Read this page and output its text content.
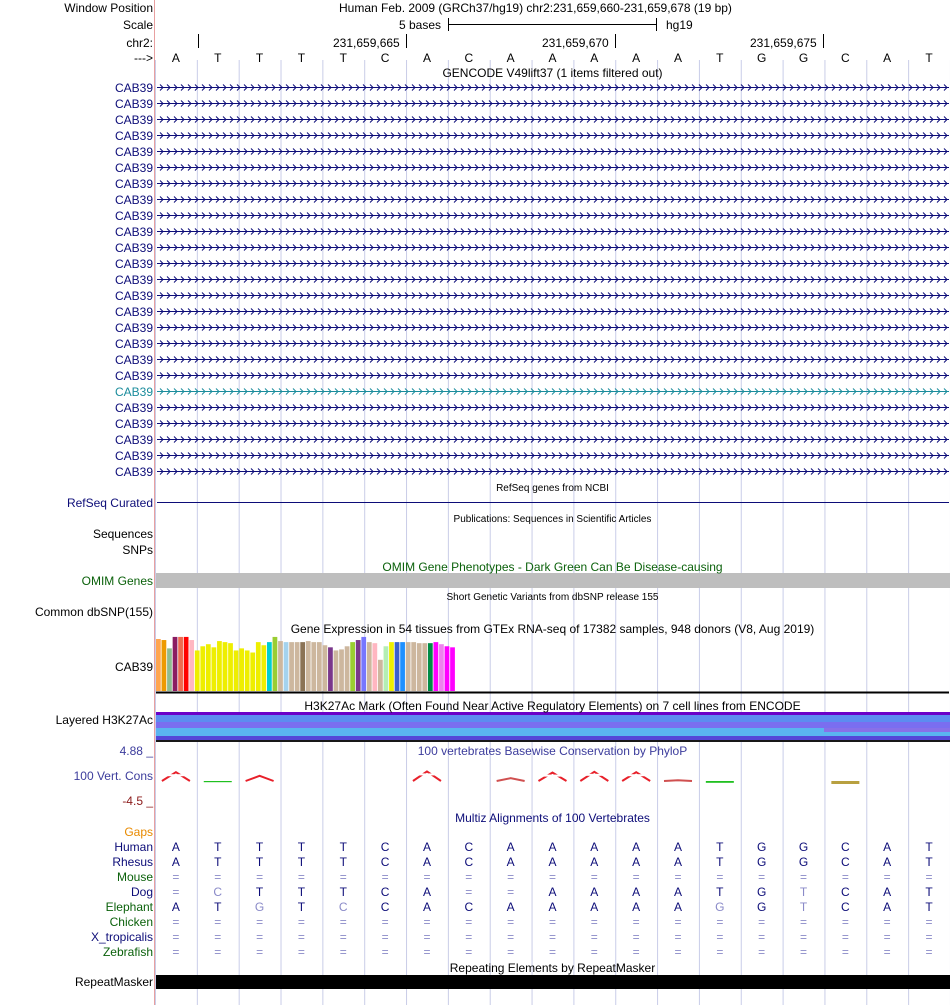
Window Position	Human Feb. 2009 (GRCh37/hg19) chr2:231,659,660-231,659,678 (19 bp)
Scale	5 bases	hg19
chr2:	231,659,665	231,659,670	231,659,675
--->	A	T	T	T	T	C	A	C	A	A	A	A	A	T	G	G	C	A	T
GENCODE V49lift37 (1 items filtered out)
CAB39
CAB39
CAB39
CAB39
CAB39
CAB39
CAB39
CAB39
CAB39
CAB39
CAB39
CAB39
CAB39
CAB39
CAB39
CAB39
CAB39
CAB39
CAB39
CAB39
CAB39
CAB39
CAB39
CAB39
CAB39
RefSeq genes from NCBI
RefSeq Curated
Publications: Sequences in Scientific Articles
Sequences
SNPs
OMIM Gene Phenotypes - Dark Green Can Be Disease-causing
OMIM Genes
Short Genetic Variants from dbSNP release 155
Common dbSNP(155)
Gene Expression in 54 tissues from GTEx RNA-seq of 17382 samples, 948 donors (V8, Aug 2019)
CAB39
H3K27Ac Mark (Often Found Near Active Regulatory Elements) on 7 cell lines from ENCODE
Layered H3K27Ac
100 vertebrates Basewise Conservation by PhyloP
4.88 _
100 Vert. Cons
-4.5 _
Multiz Alignments of 100 Vertebrates
Gaps
Human	A	T	T	T	T	C	A	C	A	A	A	A	A	T	G	G	C	A	T
Rhesus	A	T	T	T	T	C	A	C	A	A	A	A	A	T	G	G	C	A	T
Mouse	=	=	=	=	=	=	=	=	=	=	=	=	=	=	=	=	=	=	=
Dog	=	C	T	T	T	C	A	=	=	A	A	A	A	T	G	T	C	A	T
Elephant	A	T	G	T	C	C	A	C	A	A	A	A	A	G	G	T	C	A	T
Chicken	=	=	=	=	=	=	=	=	=	=	=	=	=	=	=	=	=	=	=
X_tropicalis	=	=	=	=	=	=	=	=	=	=	=	=	=	=	=	=	=	=	=
Zebrafish	=	=	=	=	=	=	=	=	=	=	=	=	=	=	=	=	=	=	=
Repeating Elements by RepeatMasker
RepeatMasker
